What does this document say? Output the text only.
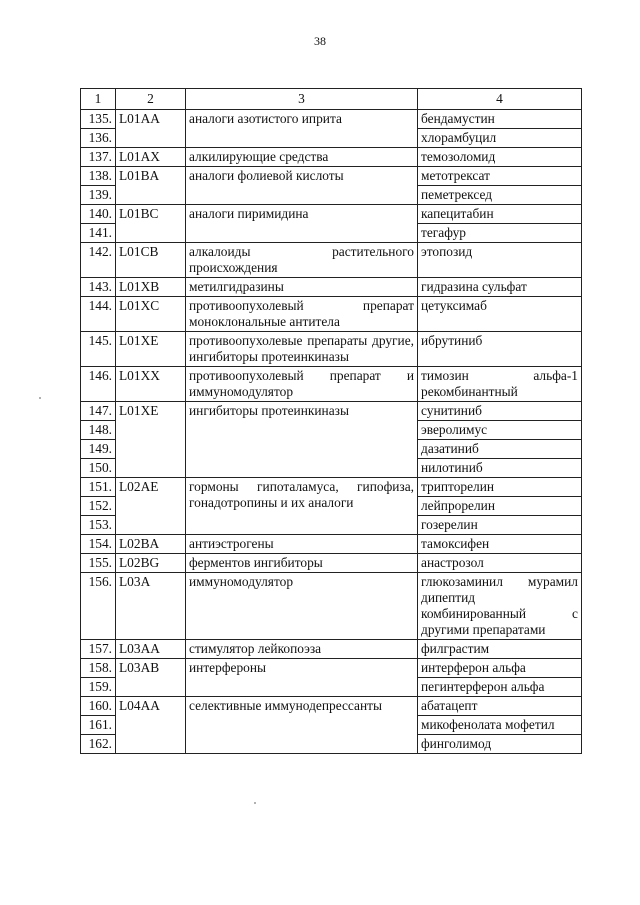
38
1	2	3	4
135.	L01AA	аналоги азотистого иприта	бендамустин
136.			хлорамбуцил
137.	L01AX	алкилирующие средства	темозоломид
138.	L01BA	аналоги фолиевой кислоты	метотрексат
139.			пеметрексед
140.	L01BC	аналоги пиримидина	капецитабин
141.			тегафур
142.	L01CB	алкалоиды растительного происхождения	этопозид
143.	L01XB	метилгидразины	гидразина сульфат
144.	L01XC	противоопухолевый препарат моноклональные антитела	цетуксимаб
145.	L01XE	противоопухолевые препараты другие, ингибиторы протеинкиназы	ибрутиниб
146.	L01XX	противоопухолевый препарат и иммуномодулятор	тимозин альфа-1 рекомбинантный
147.	L01XE	ингибиторы протеинкиназы	сунитиниб
148.			эверолимус
149.			дазатиниб
150.			нилотиниб
151.	L02AE	гормоны гипоталамуса, гипофиза, гонадотропины и их аналоги	трипторелин
152.			лейпрорелин
153.			гозерелин
154.	L02BA	антиэстрогены	тамоксифен
155.	L02BG	ферментов ингибиторы	анастрозол
156.	L03A	иммуномодулятор	глюкозаминил мурамил дипептид комбинированный с другими препаратами
157.	L03AA	стимулятор лейкопоэза	филграстим
158.	L03AB	интерфероны	интерферон альфа
159.			пегинтерферон альфа
160.	L04AA	селективные иммунодепрессанты	абатацепт
161.			микофенолата мофетил
162.			финголимод
